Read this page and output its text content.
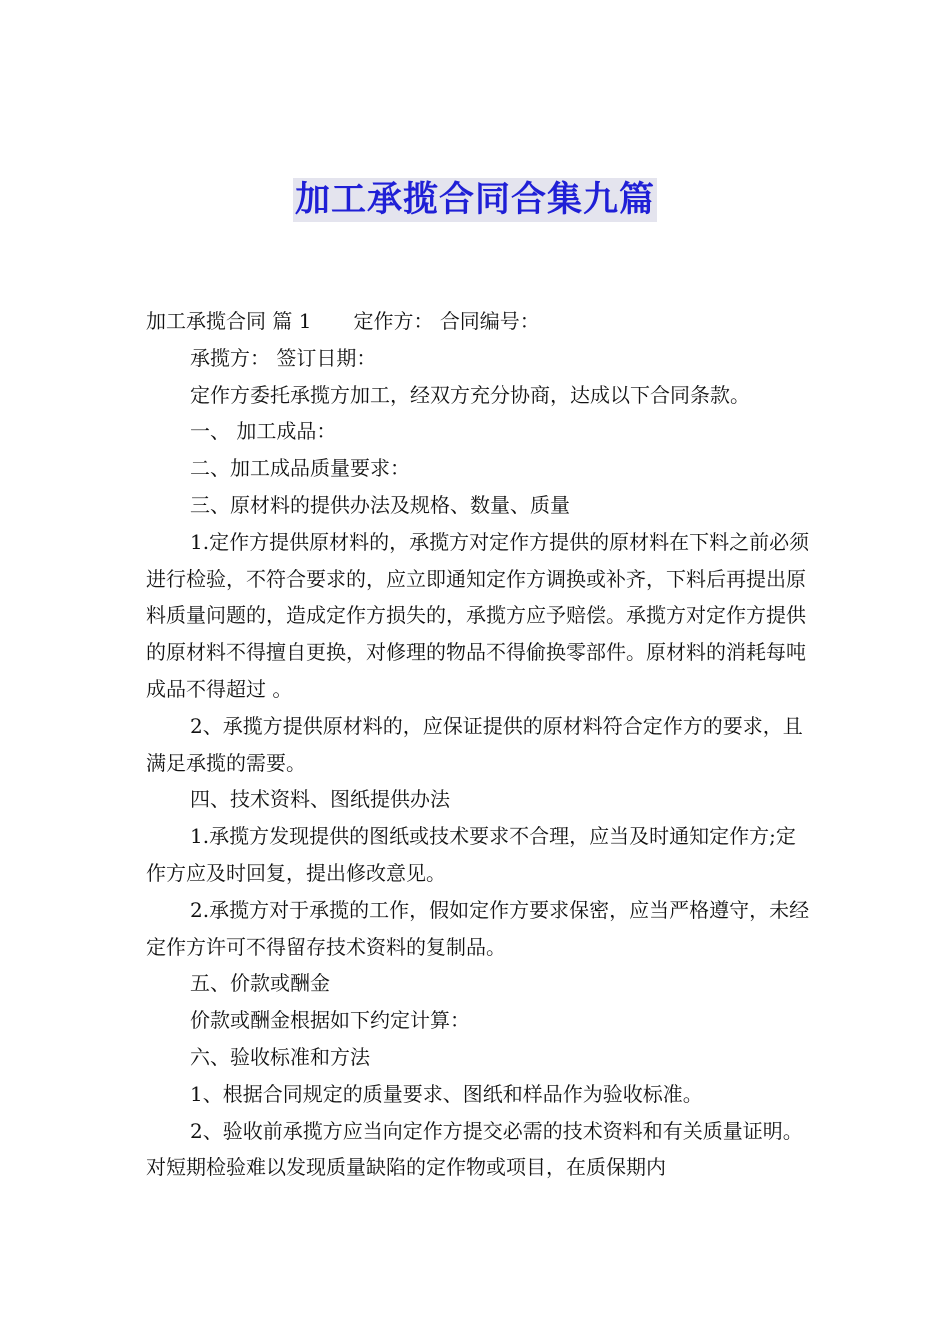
加工承揽合同合集九篇

加工承揽合同 篇 1 定作方： 合同编号：

承揽方： 签订日期：

定作方委托承揽方加工，经双方充分协商，达成以下合同条款。

一、 加工成品：

二、加工成品质量要求：

三、原材料的提供办法及规格、数量、质量

1.定作方提供原材料的，承揽方对定作方提供的原材料在下料之前必须进行检验，不符合要求的，应立即通知定作方调换或补齐，下料后再提出原料质量问题的，造成定作方损失的，承揽方应予赔偿。承揽方对定作方提供的原材料不得擅自更换，对修理的物品不得偷换零部件。原材料的消耗每吨成品不得超过 。

2、承揽方提供原材料的，应保证提供的原材料符合定作方的要求，且满足承揽的需要。

四、技术资料、图纸提供办法

1.承揽方发现提供的图纸或技术要求不合理，应当及时通知定作方;定作方应及时回复，提出修改意见。

2.承揽方对于承揽的工作，假如定作方要求保密，应当严格遵守，未经定作方许可不得留存技术资料的复制品。

五、价款或酬金

价款或酬金根据如下约定计算：

六、验收标准和方法

1、根据合同规定的质量要求、图纸和样品作为验收标准。

2、验收前承揽方应当向定作方提交必需的技术资料和有关质量证明。对短期检验难以发现质量缺陷的定作物或项目，在质保期内
